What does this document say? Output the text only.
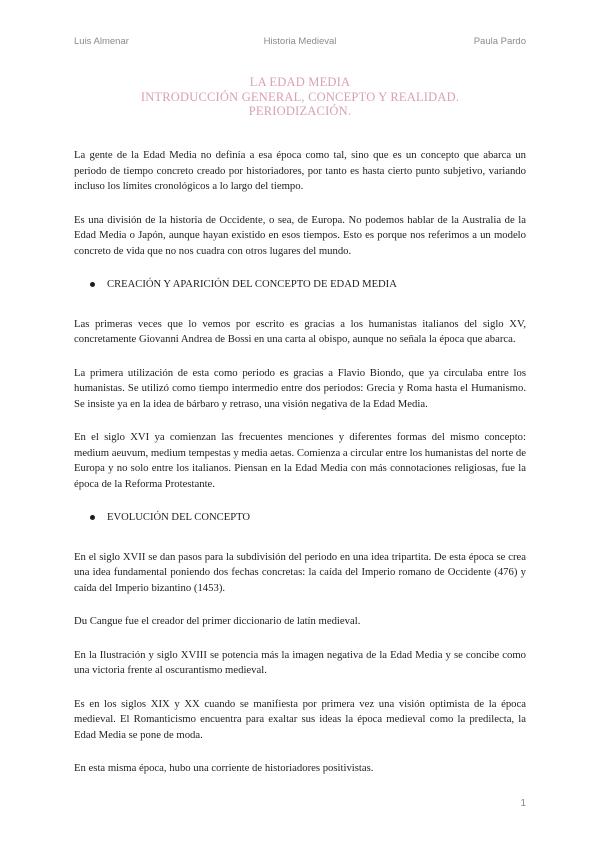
Luis Almenar	Historia Medieval	Paula Pardo
LA EDAD MEDIA
INTRODUCCIÓN GENERAL, CONCEPTO Y REALIDAD.
PERIODIZACIÓN.

La gente de la Edad Media no definía a esa época como tal, sino que es un concepto que abarca un periodo de tiempo concreto creado por historiadores, por tanto es hasta cierto punto subjetivo, variando incluso los límites cronológicos a lo largo del tiempo.

Es una división de la historia de Occidente, o sea, de Europa. No podemos hablar de la Australia de la Edad Media o Japón, aunque hayan existido en esos tiempos. Esto es porque nos referimos a un modelo concreto de vida que no nos cuadra con otros lugares del mundo.

CREACIÓN Y APARICIÓN DEL CONCEPTO DE EDAD MEDIA

Las primeras veces que lo vemos por escrito es gracias a los humanistas italianos del siglo XV, concretamente Giovanni Andrea de Bossi en una carta al obispo, aunque no señala la época que abarca.

La primera utilización de esta como periodo es gracias a Flavio Biondo, que ya circulaba entre los humanistas. Se utilizó como tiempo intermedio entre dos periodos: Grecia y Roma hasta el Humanismo. Se insiste ya en la idea de bárbaro y retraso, una visión negativa de la Edad Media.

En el siglo XVI ya comienzan las frecuentes menciones y diferentes formas del mismo concepto: medium aeuvum, medium tempestas y media aetas. Comienza a circular entre los humanistas del norte de Europa y no solo entre los italianos. Piensan en la Edad Media con más connotaciones religiosas, fue la época de la Reforma Protestante.

EVOLUCIÓN DEL CONCEPTO

En el siglo XVII se dan pasos para la subdivisión del periodo en una idea tripartita. De esta época se crea una idea fundamental poniendo dos fechas concretas: la caída del Imperio romano de Occidente (476) y caída del Imperio bizantino (1453).

Du Cangue fue el creador del primer diccionario de latín medieval.

En la Ilustración y siglo XVIII se potencia más la imagen negativa de la Edad Media y se concibe como una victoria frente al oscurantismo medieval.

Es en los siglos XIX y XX cuando se manifiesta por primera vez una visión optimista de la época medieval. El Romanticismo encuentra para exaltar sus ideas la época medieval como la predilecta, la Edad Media se pone de moda.

En esta misma época, hubo una corriente de historiadores positivistas.

1
